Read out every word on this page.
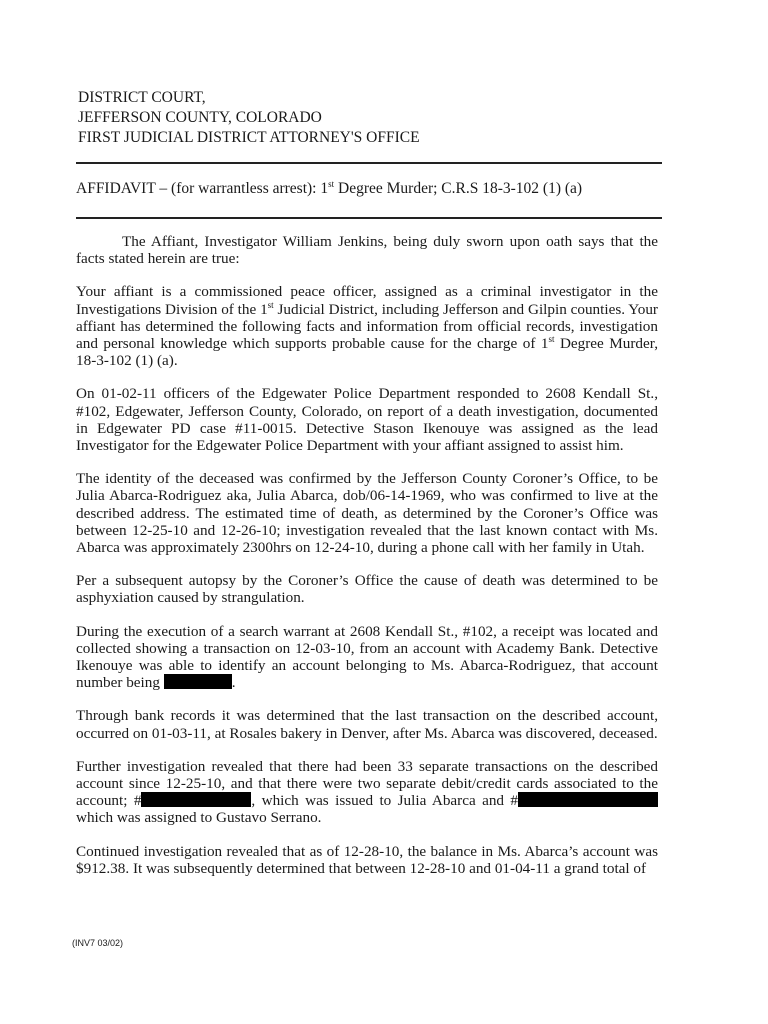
DISTRICT COURT,
JEFFERSON COUNTY, COLORADO
FIRST JUDICIAL DISTRICT ATTORNEY'S OFFICE
AFFIDAVIT – (for warrantless arrest): 1st Degree Murder; C.R.S 18-3-102 (1) (a)

The Affiant, Investigator William Jenkins, being duly sworn upon oath says that the facts stated herein are true:

Your affiant is a commissioned peace officer, assigned as a criminal investigator in the Investigations Division of the 1st Judicial District, including Jefferson and Gilpin counties. Your affiant has determined the following facts and information from official records, investigation and personal knowledge which supports probable cause for the charge of 1st Degree Murder, 18-3-102 (1) (a).

On 01-02-11 officers of the Edgewater Police Department responded to 2608 Kendall St., #102, Edgewater, Jefferson County, Colorado, on report of a death investigation, documented in Edgewater PD case #11-0015. Detective Stason Ikenouye was assigned as the lead Investigator for the Edgewater Police Department with your affiant assigned to assist him.

The identity of the deceased was confirmed by the Jefferson County Coroner’s Office, to be Julia Abarca-Rodriguez aka, Julia Abarca, dob/06-14-1969, who was confirmed to live at the described address. The estimated time of death, as determined by the Coroner’s Office was between 12-25-10 and 12-26-10; investigation revealed that the last known contact with Ms. Abarca was approximately 2300hrs on 12-24-10, during a phone call with her family in Utah.

Per a subsequent autopsy by the Coroner’s Office the cause of death was determined to be asphyxiation caused by strangulation.

During the execution of a search warrant at 2608 Kendall St., #102, a receipt was located and collected showing a transaction on 12-03-10, from an account with Academy Bank. Detective Ikenouye was able to identify an account belonging to Ms. Abarca-Rodriguez, that account number being	.

Through bank records it was determined that the last transaction on the described account, occurred on 01-03-11, at Rosales bakery in Denver, after Ms. Abarca was discovered, deceased.

Further investigation revealed that there had been 33 separate transactions on the described account since 12-25-10, and that there were two separate debit/credit cards associated to the account; #	, which was issued to Julia Abarca and # which was assigned to Gustavo Serrano.

Continued investigation revealed that as of 12-28-10, the balance in Ms. Abarca’s account was $912.38. It was subsequently determined that between 12-28-10 and 01-04-11 a grand total of

(INV7 03/02)
